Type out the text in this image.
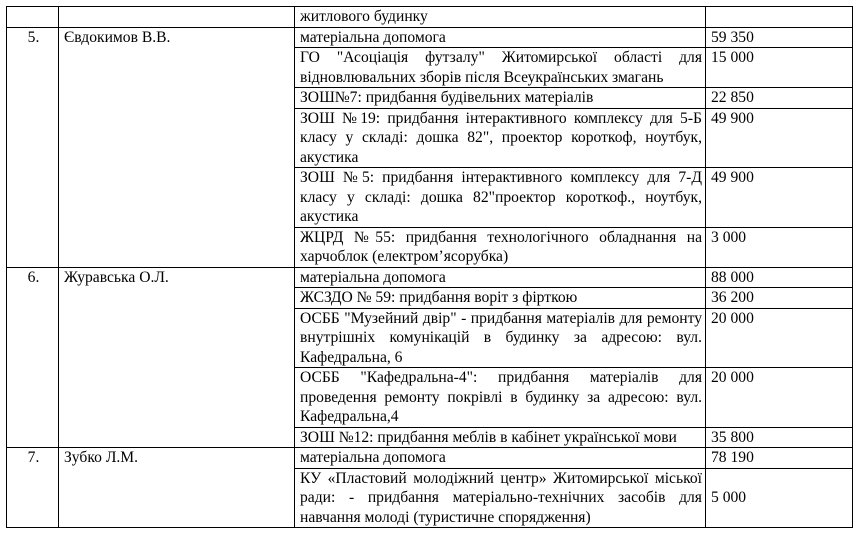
		житлового будинку	
5.	Євдокимов В.В.	матеріальна допомога	59 350
		ГО "Асоціація футзалу" Житомирської області для відновлювальних зборів після Всеукраїнських змагань	15 000
		ЗОШ№7: придбання будівельних матеріалів	22 850
		ЗОШ №19: придбання інтерактивного комплексу для 5-Б класу у складі: дошка 82", проектор короткоф, ноутбук, акустика	49 900
		ЗОШ №5: придбання інтерактивного комплексу для 7-Д класу у складі: дошка 82"проектор короткоф., ноутбук, акустика	49 900
		ЖЦРД №55: придбання технологічного обладнання на харчоблок (електром’ясорубка)	3 000
6.	Журавська О.Л.	матеріальна допомога	88 000
		ЖСЗДО № 59: придбання воріт з фірткою	36 200
		ОСББ "Музейний двір" - придбання матеріалів для ремонту внутрішніх комунікацій в будинку за адресою: вул. Кафедральна, 6	20 000
		ОСББ "Кафедральна-4": придбання матеріалів для проведення ремонту покрівлі в будинку за адресою: вул. Кафедральна,4	20 000
		ЗОШ №12: придбання меблів в кабінет української мови	35 800
7.	Зубко Л.М.	матеріальна допомога	78 190
		КУ «Пластовий молодіжний центр» Житомирської міської ради: - придбання матеріально-технічних засобів для навчання молоді (туристичне спорядження)	5 000
